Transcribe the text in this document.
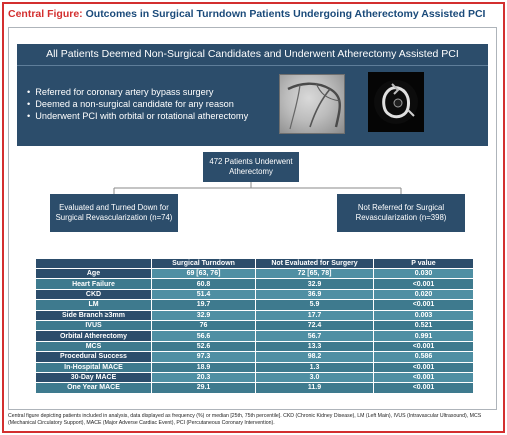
Central Figure: Outcomes in Surgical Turndown Patients Undergoing Atherectomy Assisted PCI
All Patients Deemed Non-Surgical Candidates and Underwent Atherectomy Assisted PCI
• Referred for coronary artery bypass surgery
• Deemed a non-surgical candidate for any reason
• Underwent PCI with orbital or rotational atherectomy
472 Patients Underwent
Atherectomy
Evaluated and Turned Down for
Surgical Revascularization (n=74)
Not Referred for Surgical
Revascularization (n=398)
	Surgical Turndown	Not Evaluated for Surgery	P value
Age	69 [63, 76]	72 [65, 78]	0.030
Heart Failure	60.8	32.9	<0.001
CKD	51.4	36.9	0.020
LM	19.7	5.9	<0.001
Side Branch ≥3mm	32.9	17.7	0.003
IVUS	76	72.4	0.521
Orbital Atherectomy	56.6	56.7	0.991
MCS	52.6	13.3	<0.001
Procedural Success	97.3	98.2	0.586
In-Hospital MACE	18.9	1.3	<0.001
30-Day MACE	20.3	3.0	<0.001
One Year MACE	29.1	11.9	<0.001
Central figure depicting patients included in analysis, data displayed as frequency (%) or median [25th, 75th percentile]. CKD (Chronic Kidney Disease), LM (Left Main), IVUS (Intravascular Ultrasound), MCS (Mechanical Circulatory Support), MACE (Major Adverse Cardiac Event), PCI (Percutaneous Coronary Intervention).
